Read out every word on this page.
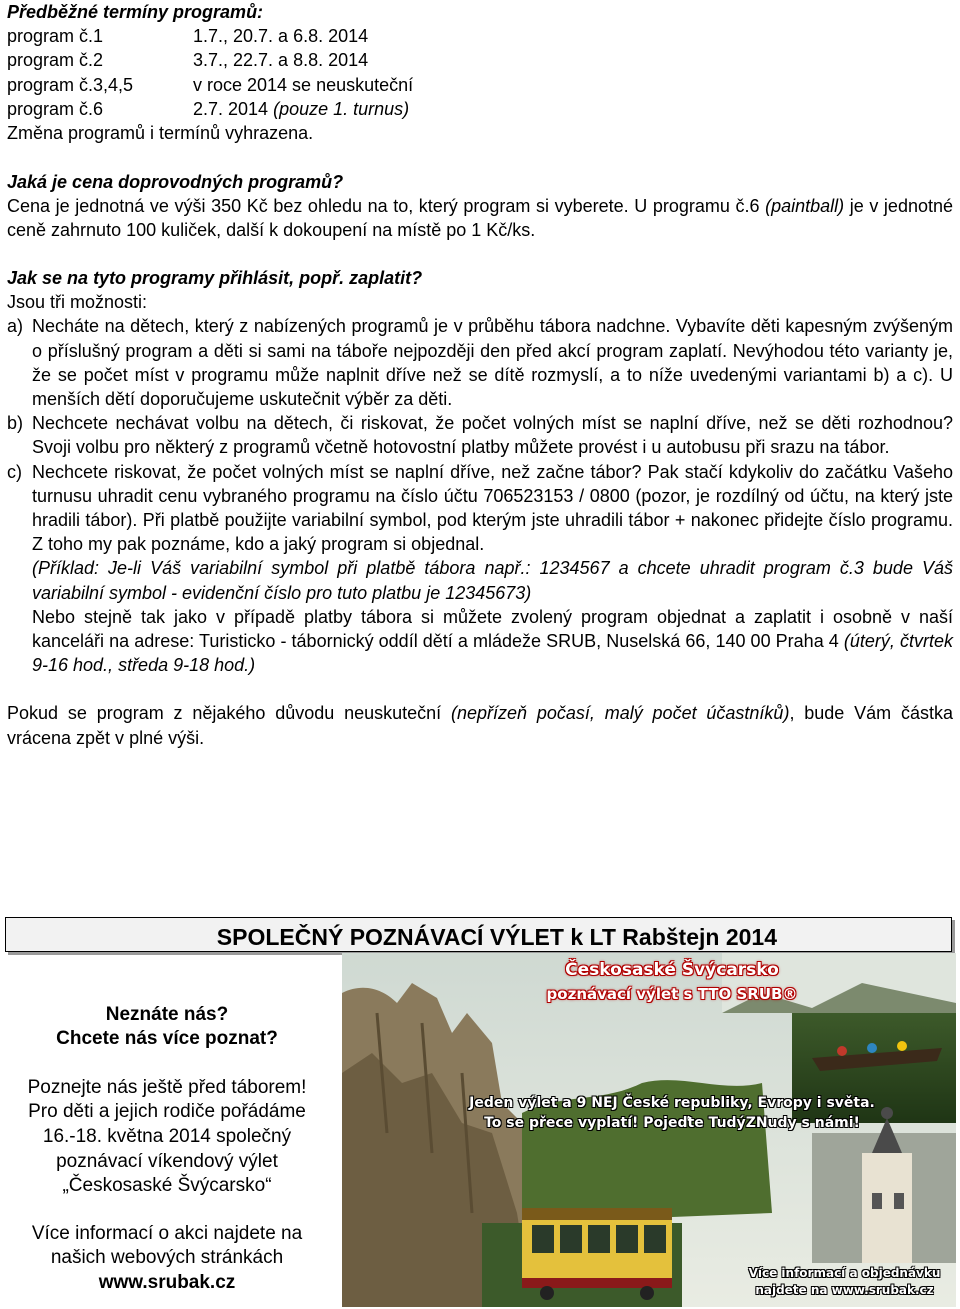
Předběžné termíny programů:
program č.1	1.7., 20.7. a 6.8. 2014
program č.2	3.7., 22.7. a 8.8. 2014
program č.3,4,5	v roce 2014 se neuskuteční
program č.6	2.7. 2014 (pouze 1. turnus)
Změna programů i termínů vyhrazena.
Jaká je cena doprovodných programů?
Cena je jednotná ve výši 350 Kč bez ohledu na to, který program si vyberete. U programu č.6 (paintball) je v jednotné ceně zahrnuto 100 kuliček, další k dokoupení na místě po 1 Kč/ks.
Jak se na tyto programy přihlásit, popř. zaplatit?
Jsou tři možnosti:
a) Necháte na dětech, který z nabízených programů je v průběhu tábora nadchne. Vybavíte děti kapesným zvýšeným o příslušný program a děti si sami na táboře nejpozději den před akcí program zaplatí. Nevýhodou této varianty je, že se počet míst v programu může naplnit dříve než se dítě rozmyslí, a to níže uvedenými variantami b) a c). U menších dětí doporučujeme uskutečnit výběr za děti.
b) Nechcete nechávat volbu na dětech, či riskovat, že počet volných míst se naplní dříve, než se děti rozhodnou? Svoji volbu pro některý z programů včetně hotovostní platby můžete provést i u autobusu při srazu na tábor.
c) Nechcete riskovat, že počet volných míst se naplní dříve, než začne tábor? Pak stačí kdykoliv do začátku Vašeho turnusu uhradit cenu vybraného programu na číslo účtu 706523153 / 0800 (pozor, je rozdílný od účtu, na který jste hradili tábor). Při platbě použijte variabilní symbol, pod kterým jste uhradili tábor + nakonec přidejte číslo programu. Z toho my pak poznáme, kdo a jaký program si objednal.
(Příklad: Je-li Váš variabilní symbol při platbě tábora např.: 1234567 a chcete uhradit program č.3 bude Váš variabilní symbol - evidenční číslo pro tuto platbu je 12345673)
Nebo stejně tak jako v případě platby tábora si můžete zvolený program objednat a zaplatit i osobně v naší kanceláři na adrese: Turisticko - tábornický oddíl dětí a mládeže SRUB, Nuselská 66, 140 00 Praha 4 (úterý, čtvrtek 9-16 hod., středa 9-18 hod.)
Pokud se program z nějakého důvodu neuskuteční (nepřízeň počasí, malý počet účastníků), bude Vám částka vrácena zpět v plné výši.
SPOLEČNÝ POZNÁVACÍ VÝLET k LT Rabštejn 2014
Neznáte nás?
Chcete nás více poznat?
Poznejte nás ještě před táborem!
Pro děti a jejich rodiče pořádáme
16.-18. května 2014 společný
poznávací víkendový výlet
„Českosaské Švýcarsko“
Více informací o akci najdete na
našich webových stránkách
www.srubak.cz
Českosaské Švýcarsko
poznávací výlet s TTO SRUB®
Jeden výlet a 9 NEJ České republiky, Evropy i světa.
To se přece vyplatí! Pojeďte TudýZNudy s námi!
Více informací a objednávku
najdete na www.srubak.cz
